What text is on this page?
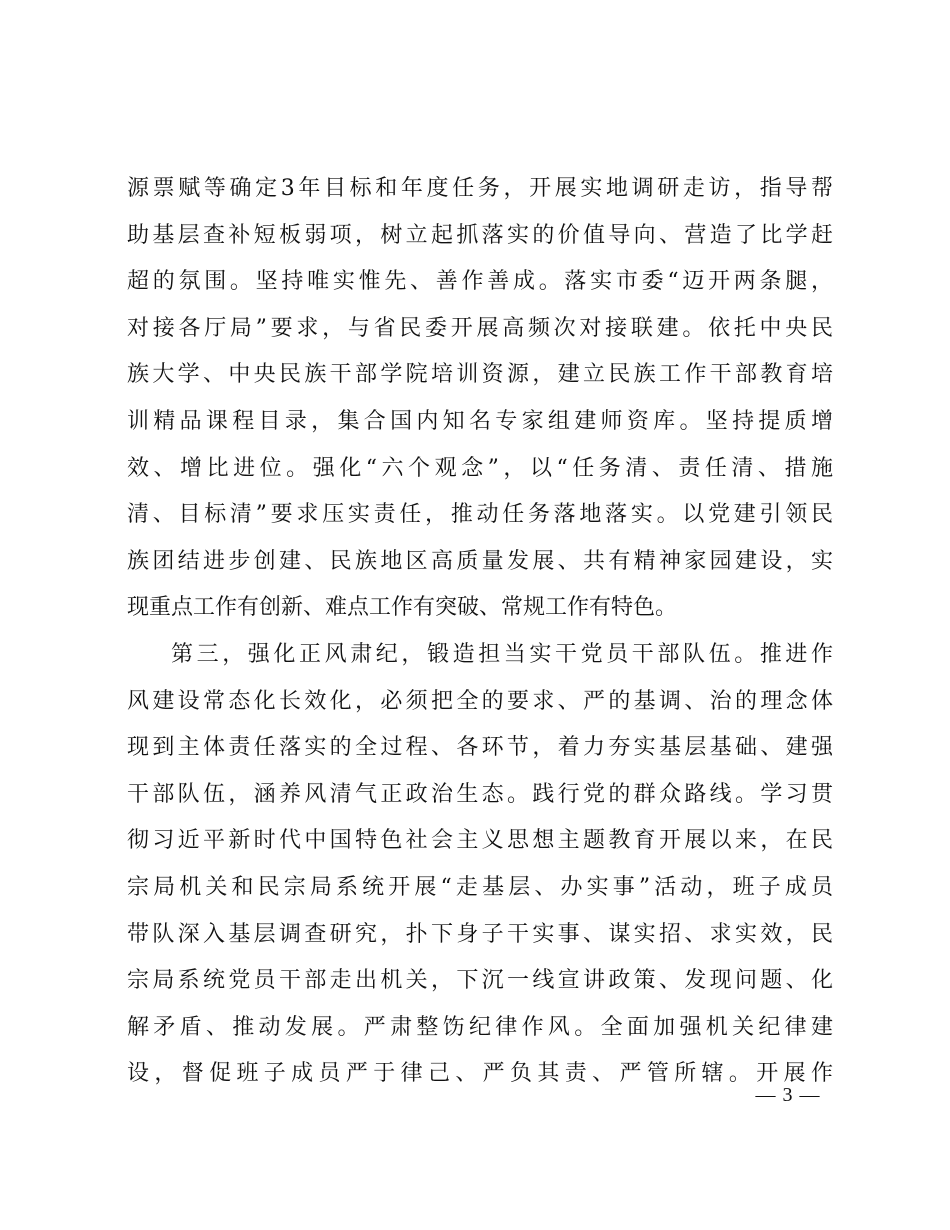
源票赋等确定3年目标和年度任务，开展实地调研走访，指导帮
助基层查补短板弱项，树立起抓落实的价值导向、营造了比学赶
超的氛围。坚持唯实惟先、善作善成。落实市委“迈开两条腿，
对接各厅局”要求，与省民委开展高频次对接联建。依托中央民
族大学、中央民族干部学院培训资源，建立民族工作干部教育培
训精品课程目录，集合国内知名专家组建师资库。坚持提质增
效、增比进位。强化“六个观念”，以“任务清、责任清、措施
清、目标清”要求压实责任，推动任务落地落实。以党建引领民
族团结进步创建、民族地区高质量发展、共有精神家园建设，实
现重点工作有创新、难点工作有突破、常规工作有特色。
第三，强化正风肃纪，锻造担当实干党员干部队伍。推进作
风建设常态化长效化，必须把全的要求、严的基调、治的理念体
现到主体责任落实的全过程、各环节，着力夯实基层基础、建强
干部队伍，涵养风清气正政治生态。践行党的群众路线。学习贯
彻习近平新时代中国特色社会主义思想主题教育开展以来，在民
宗局机关和民宗局系统开展“走基层、办实事”活动，班子成员
带队深入基层调查研究，扑下身子干实事、谋实招、求实效，民
宗局系统党员干部走出机关，下沉一线宣讲政策、发现问题、化
解矛盾、推动发展。严肃整饬纪律作风。全面加强机关纪律建
设，督促班子成员严于律己、严负其责、严管所辖。开展作
— 3 —
